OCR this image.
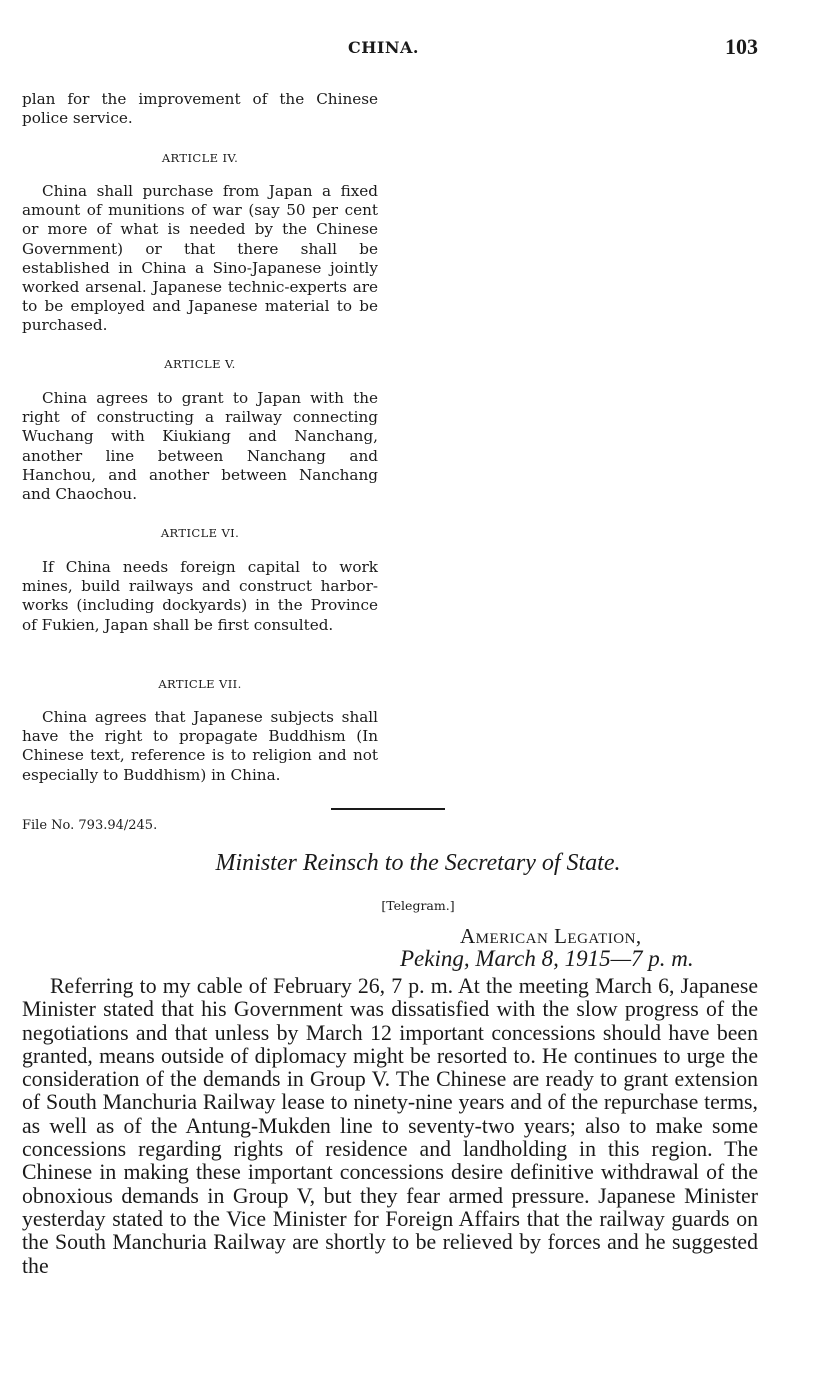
CHINA.	103

plan for the improvement of the Chinese police service.

ARTICLE IV.

China shall purchase from Japan a fixed amount of munitions of war (say 50 per cent or more of what is needed by the Chinese Government) or that there shall be established in China a Sino-Japanese jointly worked arsenal. Japanese technic-experts are to be employed and Japanese material to be purchased.

ARTICLE V.

China agrees to grant to Japan with the right of constructing a railway connecting Wuchang with Kiukiang and Nanchang, another line between Nanchang and Hanchou, and another between Nanchang and Chaochou.

ARTICLE VI.

If China needs foreign capital to work mines, build railways and construct harbor-works (including dockyards) in the Province of Fukien, Japan shall be first consulted.

ARTICLE VII.

China agrees that Japanese subjects shall have the right to propagate Buddhism (In Chinese text, reference is to religion and not especially to Buddhism) in China.

File No. 793.94/245.
Minister Reinsch to the Secretary of State.
[Telegram.]
American Legation,
Peking, March 8, 1915—7 p. m.

Referring to my cable of February 26, 7 p. m. At the meeting March 6, Japanese Minister stated that his Government was dissatisfied with the slow progress of the negotiations and that unless by March 12 important concessions should have been granted, means outside of diplomacy might be resorted to. He continues to urge the consideration of the demands in Group V. The Chinese are ready to grant extension of South Manchuria Railway lease to ninety-nine years and of the repurchase terms, as well as of the Antung-Mukden line to seventy-two years; also to make some concessions regarding rights of residence and landholding in this region. The Chinese in making these important concessions desire definitive withdrawal of the obnoxious demands in Group V, but they fear armed pressure. Japanese Minister yesterday stated to the Vice Minister for Foreign Affairs that the railway guards on the South Manchuria Railway are shortly to be relieved by forces and he suggested the
